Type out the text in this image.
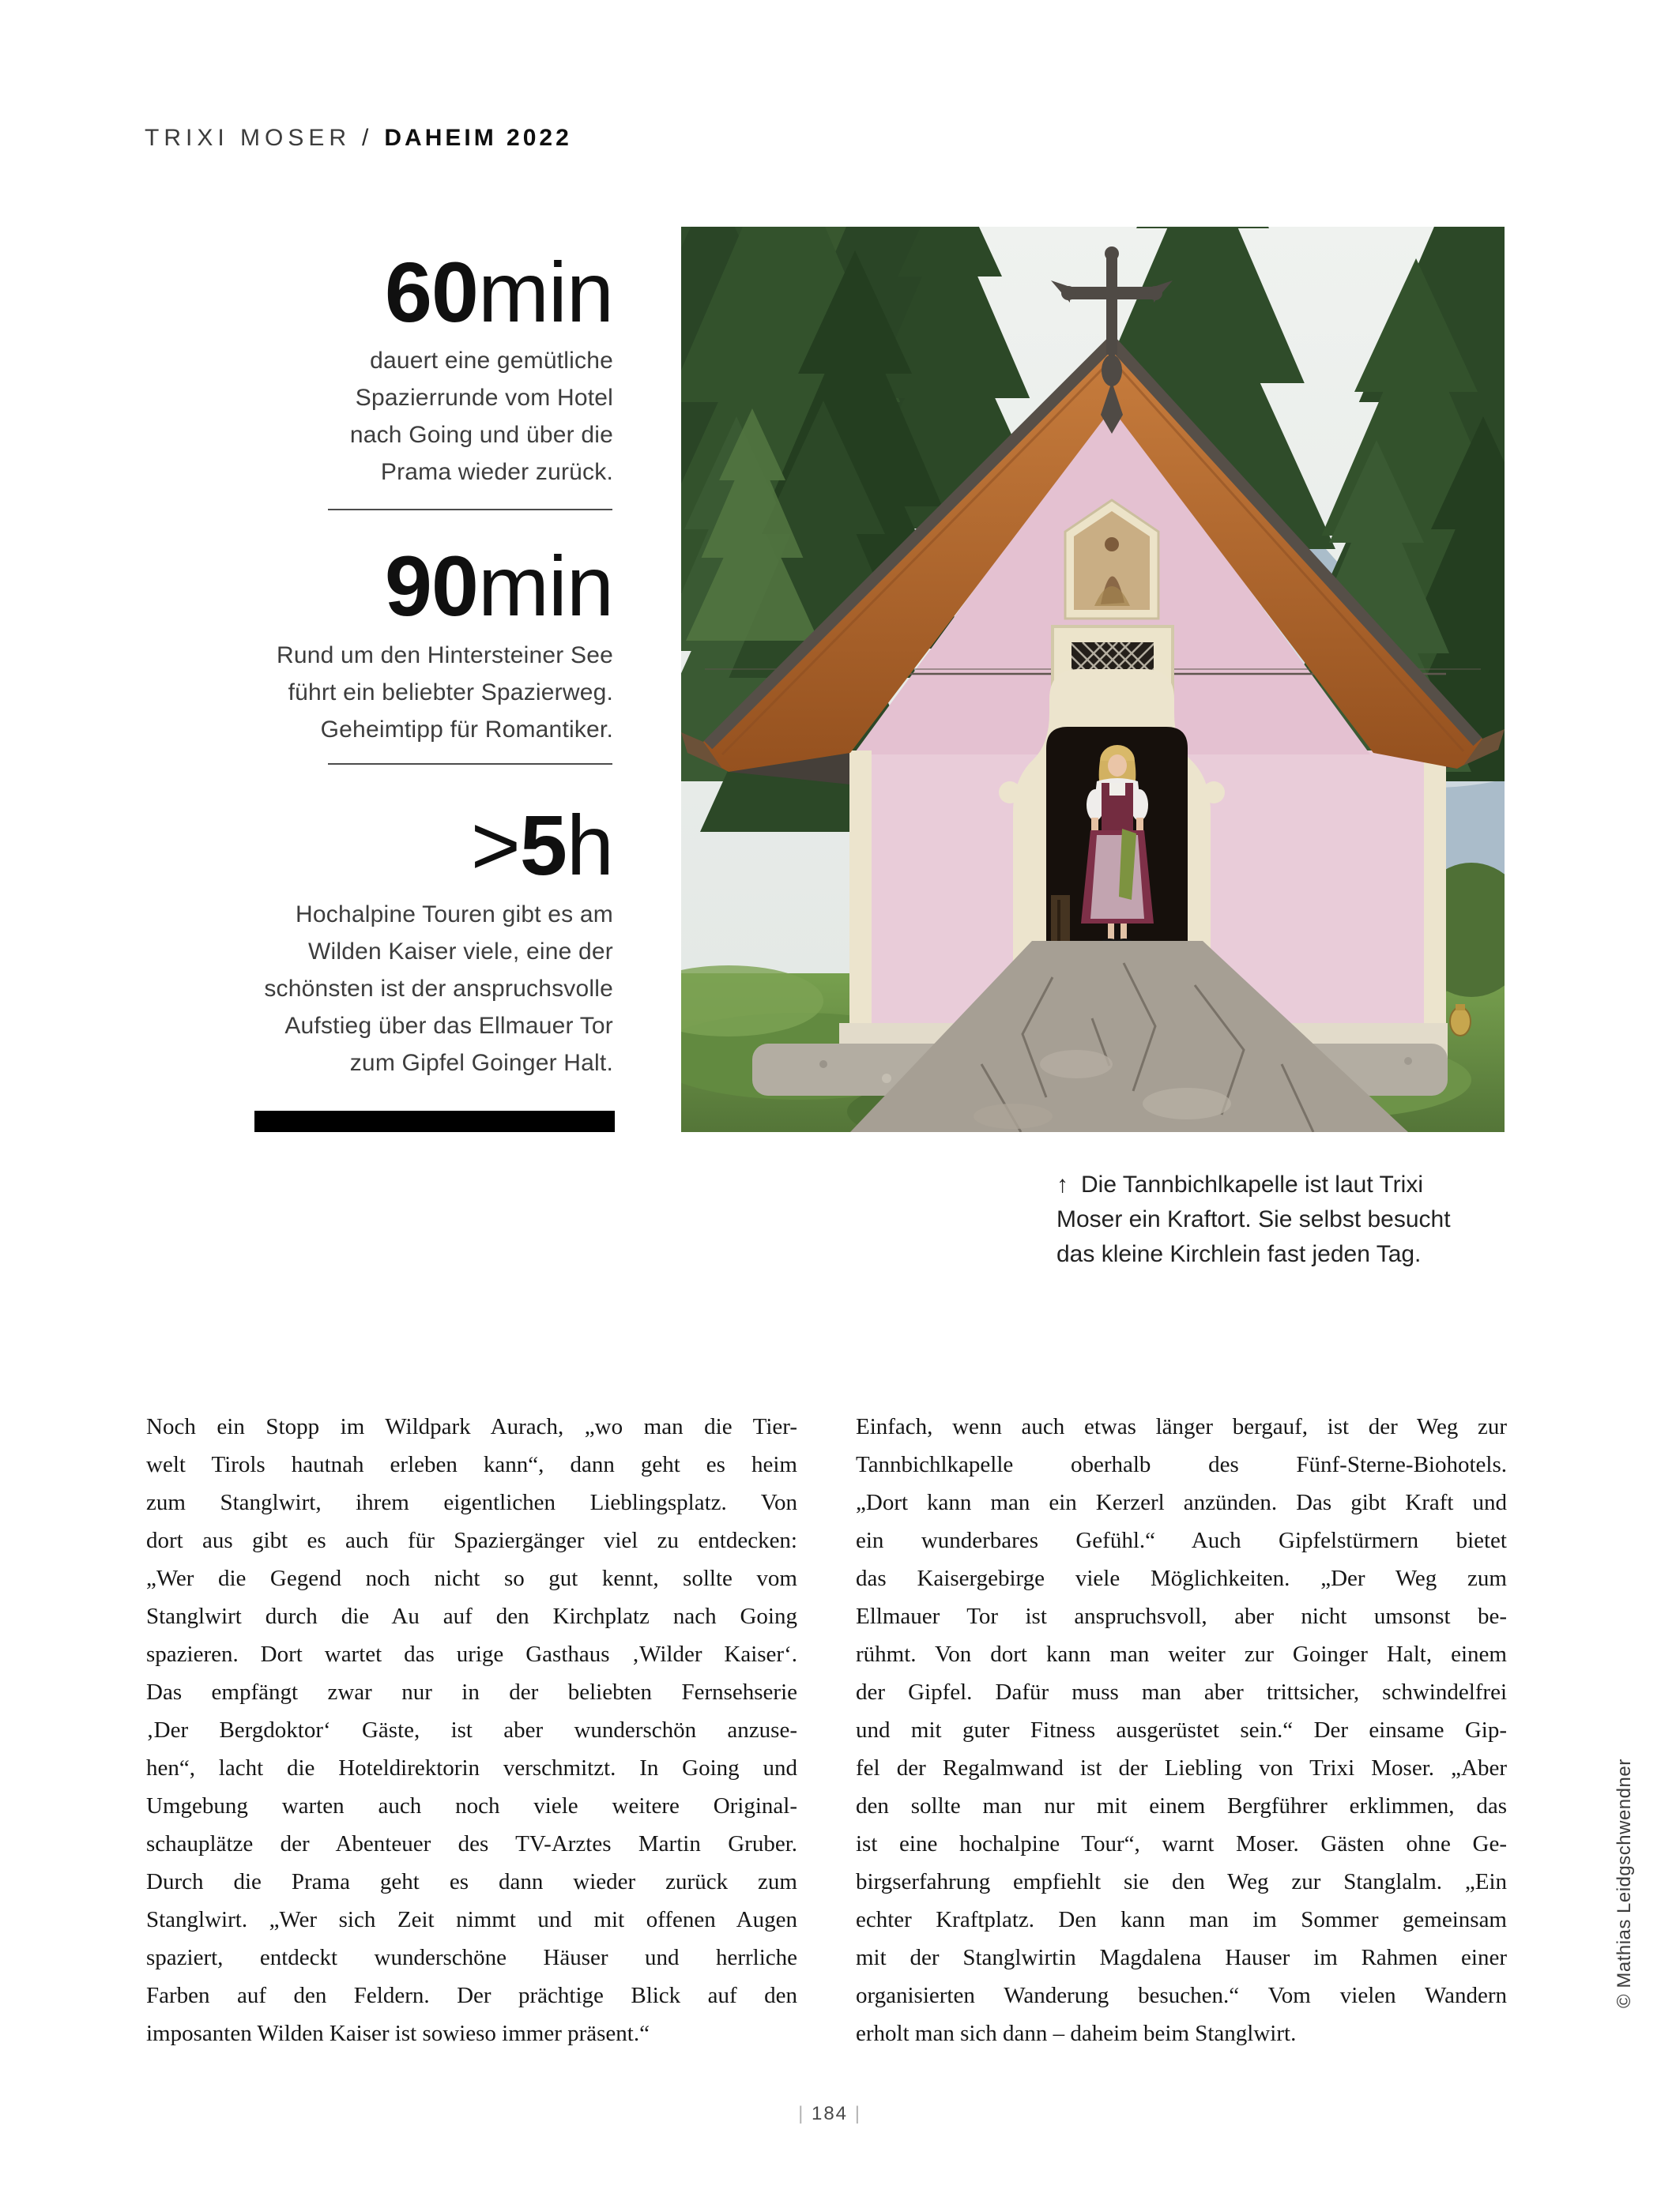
TRIXI MOSER / DAHEIM 2022
60min
dauert eine gemütliche
Spazierrunde vom Hotel
nach Going und über die
Prama wieder zurück.
90min
Rund um den Hintersteiner See
führt ein beliebter Spazierweg.
Geheimtipp für Romantiker.
>5h
Hochalpine Touren gibt es am
Wilden Kaiser viele, eine der
schönsten ist der anspruchsvolle
Aufstieg über das Ellmauer Tor
zum Gipfel Goinger Halt.
↑ Die Tannbichlkapelle ist laut Trixi
Moser ein Kraftort. Sie selbst besucht
das kleine Kirchlein fast jeden Tag.
Noch ein Stopp im Wildpark Aurach, „wo man die Tier-
welt Tirols hautnah erleben kann“, dann geht es heim
zum Stanglwirt, ihrem eigentlichen Lieblingsplatz. Von
dort aus gibt es auch für Spaziergänger viel zu entdecken:
„Wer die Gegend noch nicht so gut kennt, sollte vom
Stanglwirt durch die Au auf den Kirchplatz nach Going
spazieren. Dort wartet das urige Gasthaus ‚Wilder Kaiser‘.
Das empfängt zwar nur in der beliebten Fernsehserie
‚Der Bergdoktor‘ Gäste, ist aber wunderschön anzuse-
hen“, lacht die Hoteldirektorin verschmitzt. In Going und
Umgebung warten auch noch viele weitere Original-
schauplätze der Abenteuer des TV-Arztes Martin Gruber.
Durch die Prama geht es dann wieder zurück zum
Stanglwirt. „Wer sich Zeit nimmt und mit offenen Augen
spaziert, entdeckt wunderschöne Häuser und herrliche
Farben auf den Feldern. Der prächtige Blick auf den
imposanten Wilden Kaiser ist sowieso immer präsent.“
Einfach, wenn auch etwas länger bergauf, ist der Weg zur
Tannbichlkapelle oberhalb des Fünf-Sterne-Biohotels.
„Dort kann man ein Kerzerl anzünden. Das gibt Kraft und
ein wunderbares Gefühl.“ Auch Gipfelstürmern bietet
das Kaisergebirge viele Möglichkeiten. „Der Weg zum
Ellmauer Tor ist anspruchsvoll, aber nicht umsonst be-
rühmt. Von dort kann man weiter zur Goinger Halt, einem
der Gipfel. Dafür muss man aber trittsicher, schwindelfrei
und mit guter Fitness ausgerüstet sein.“ Der einsame Gip-
fel der Regalmwand ist der Liebling von Trixi Moser. „Aber
den sollte man nur mit einem Bergführer erklimmen, das
ist eine hochalpine Tour“, warnt Moser. Gästen ohne Ge-
birgserfahrung empfiehlt sie den Weg zur Stanglalm. „Ein
echter Kraftplatz. Den kann man im Sommer gemeinsam
mit der Stanglwirtin Magdalena Hauser im Rahmen einer
organisierten Wanderung besuchen.“ Vom vielen Wandern
erholt man sich dann – daheim beim Stanglwirt.
| 184 |
© Mathias Leidgschwendner
